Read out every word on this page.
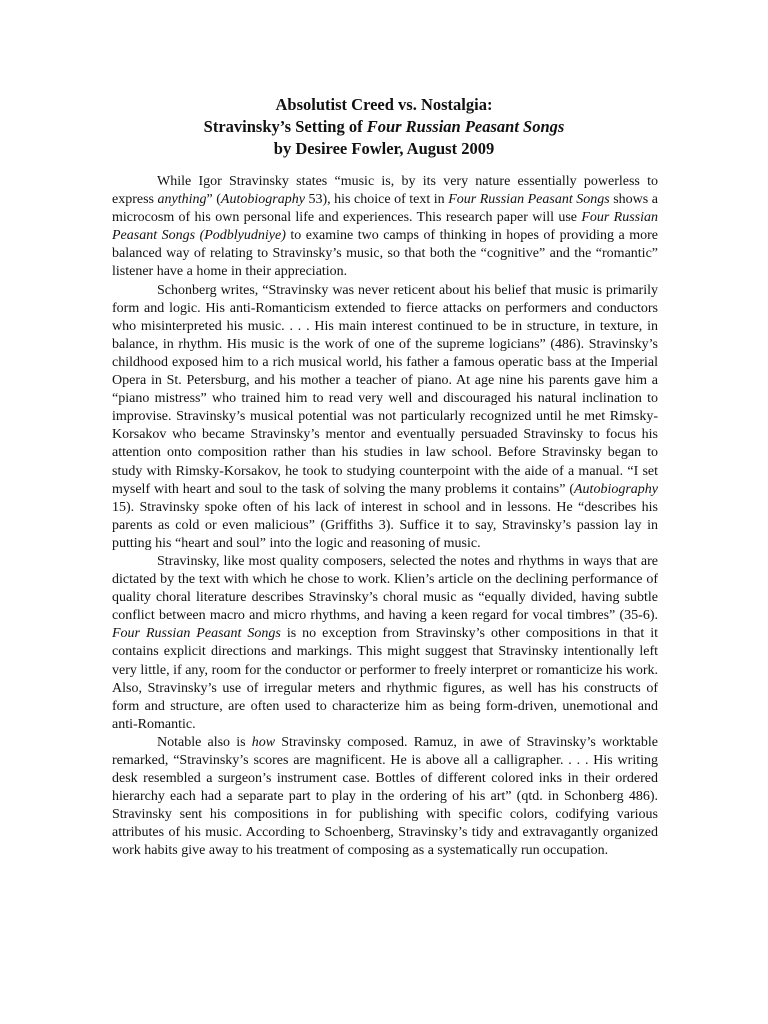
Absolutist Creed vs. Nostalgia:
Stravinsky’s Setting of Four Russian Peasant Songs
by Desiree Fowler, August 2009

While Igor Stravinsky states “music is, by its very nature essentially powerless to express anything” (Autobiography 53), his choice of text in Four Russian Peasant Songs shows a microcosm of his own personal life and experiences. This research paper will use Four Russian Peasant Songs (Podblyudniye) to examine two camps of thinking in hopes of providing a more balanced way of relating to Stravinsky’s music, so that both the “cognitive” and the “romantic” listener have a home in their appreciation.

Schonberg writes, “Stravinsky was never reticent about his belief that music is primarily form and logic. His anti-Romanticism extended to fierce attacks on performers and conductors who misinterpreted his music. . . . His main interest continued to be in structure, in texture, in balance, in rhythm. His music is the work of one of the supreme logicians” (486). Stravinsky’s childhood exposed him to a rich musical world, his father a famous operatic bass at the Imperial Opera in St. Petersburg, and his mother a teacher of piano. At age nine his parents gave him a “piano mistress” who trained him to read very well and discouraged his natural inclination to improvise. Stravinsky’s musical potential was not particularly recognized until he met Rimsky-Korsakov who became Stravinsky’s mentor and eventually persuaded Stravinsky to focus his attention onto composition rather than his studies in law school. Before Stravinsky began to study with Rimsky-Korsakov, he took to studying counterpoint with the aide of a manual. “I set myself with heart and soul to the task of solving the many problems it contains” (Autobiography 15). Stravinsky spoke often of his lack of interest in school and in lessons. He “describes his parents as cold or even malicious” (Griffiths 3). Suffice it to say, Stravinsky’s passion lay in putting his “heart and soul” into the logic and reasoning of music.

Stravinsky, like most quality composers, selected the notes and rhythms in ways that are dictated by the text with which he chose to work. Klien’s article on the declining performance of quality choral literature describes Stravinsky’s choral music as “equally divided, having subtle conflict between macro and micro rhythms, and having a keen regard for vocal timbres” (35-6). Four Russian Peasant Songs is no exception from Stravinsky’s other compositions in that it contains explicit directions and markings. This might suggest that Stravinsky intentionally left very little, if any, room for the conductor or performer to freely interpret or romanticize his work. Also, Stravinsky’s use of irregular meters and rhythmic figures, as well has his constructs of form and structure, are often used to characterize him as being form-driven, unemotional and anti-Romantic.

Notable also is how Stravinsky composed. Ramuz, in awe of Stravinsky’s worktable remarked, “Stravinsky’s scores are magnificent. He is above all a calligrapher. . . . His writing desk resembled a surgeon’s instrument case. Bottles of different colored inks in their ordered hierarchy each had a separate part to play in the ordering of his art” (qtd. in Schonberg 486). Stravinsky sent his compositions in for publishing with specific colors, codifying various attributes of his music. According to Schoenberg, Stravinsky’s tidy and extravagantly organized work habits give away to his treatment of composing as a systematically run occupation.
